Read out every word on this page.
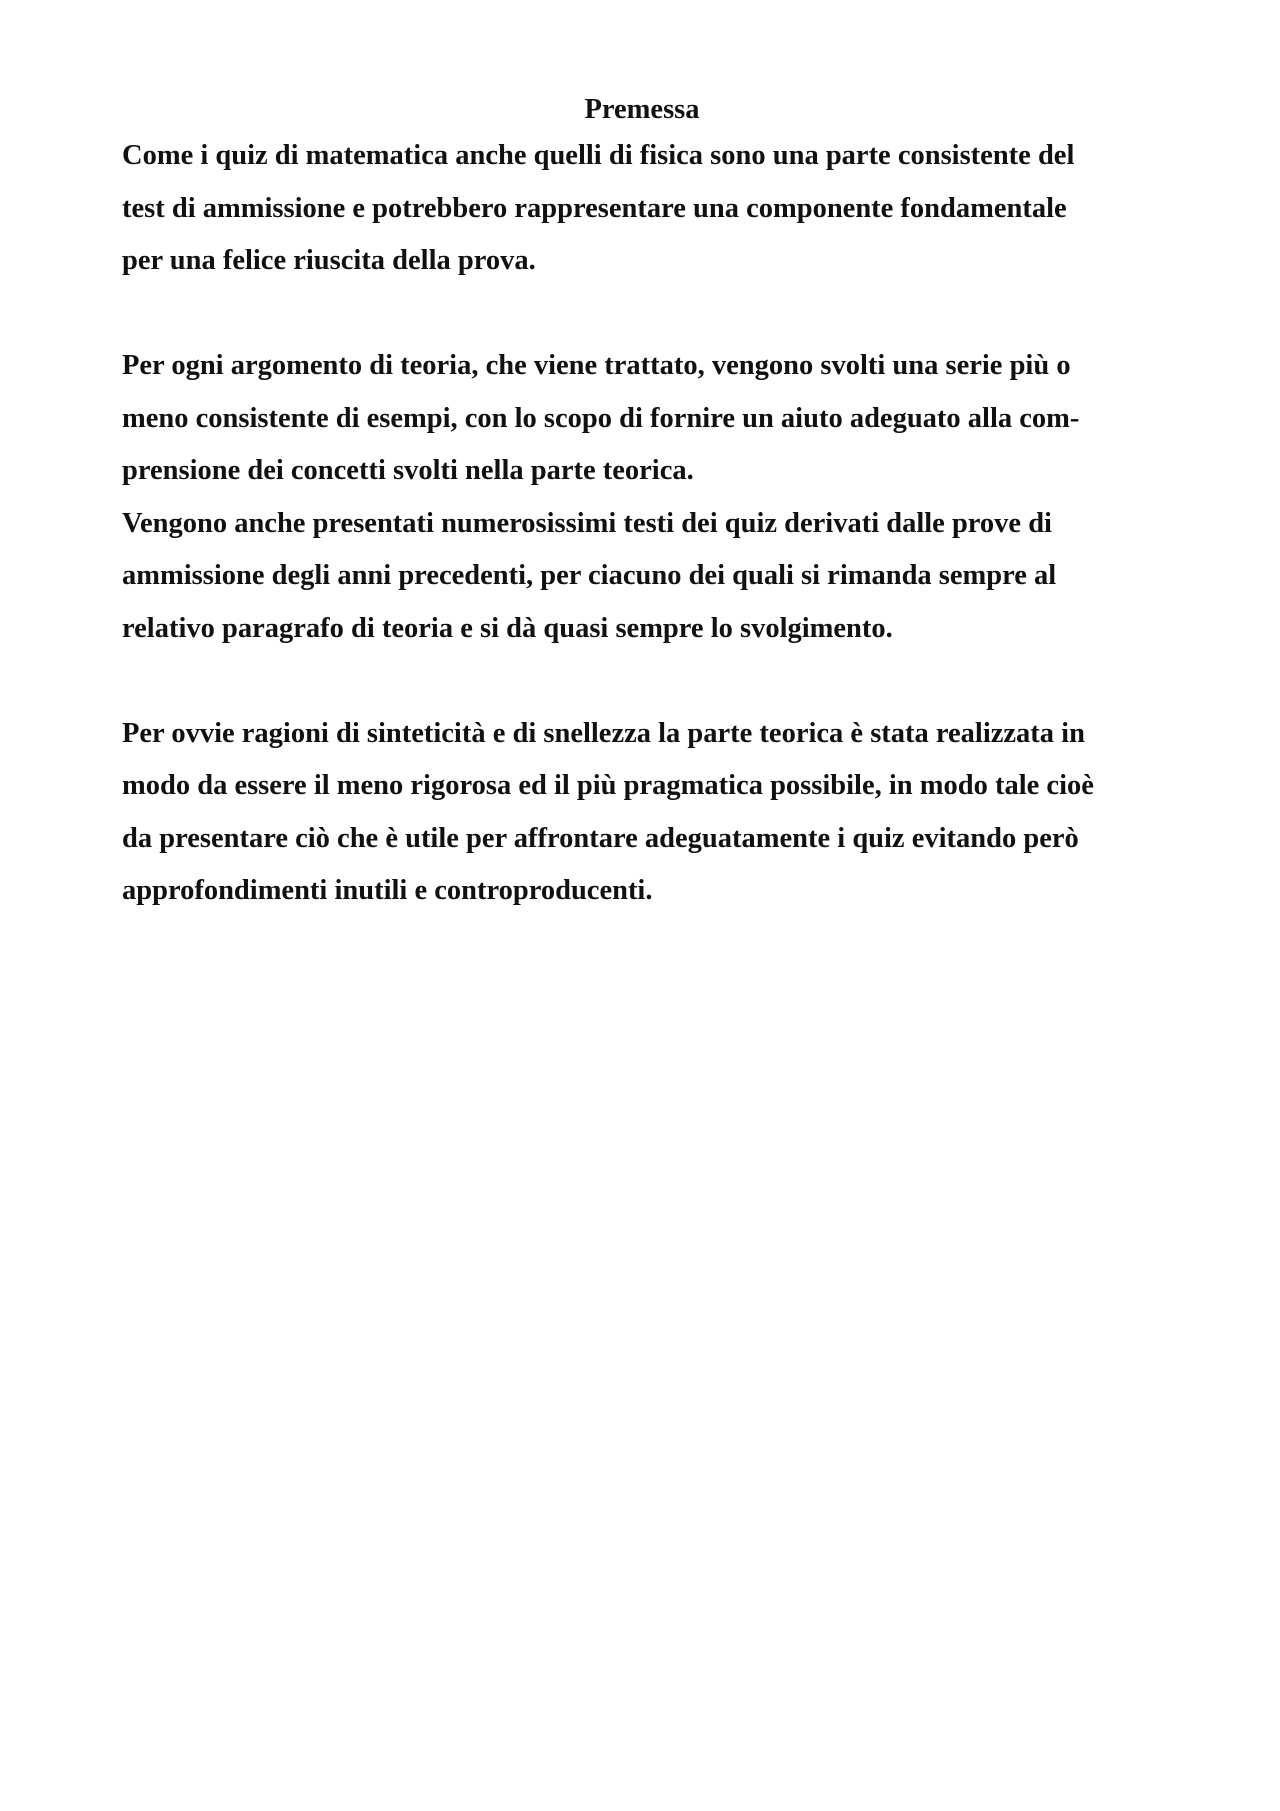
Premessa
Come i quiz di matematica anche quelli di fisica sono una parte consistente del
test di ammissione e potrebbero rappresentare una componente fondamentale
per una felice riuscita della prova.
Per ogni argomento di teoria, che viene trattato, vengono svolti una serie più o
meno consistente di esempi, con lo scopo di fornire un aiuto adeguato alla com-
prensione dei concetti svolti nella parte teorica.
Vengono anche presentati numerosissimi testi dei quiz derivati dalle prove di
ammissione degli anni precedenti, per ciacuno dei quali si rimanda sempre al
relativo paragrafo di teoria e si dà quasi sempre lo svolgimento.
Per ovvie ragioni di sinteticità e di snellezza la parte teorica è stata realizzata in
modo da essere il meno rigorosa ed il più pragmatica possibile, in modo tale cioè
da presentare ciò che è utile per affrontare adeguatamente i quiz evitando però
approfondimenti inutili e controproducenti.
